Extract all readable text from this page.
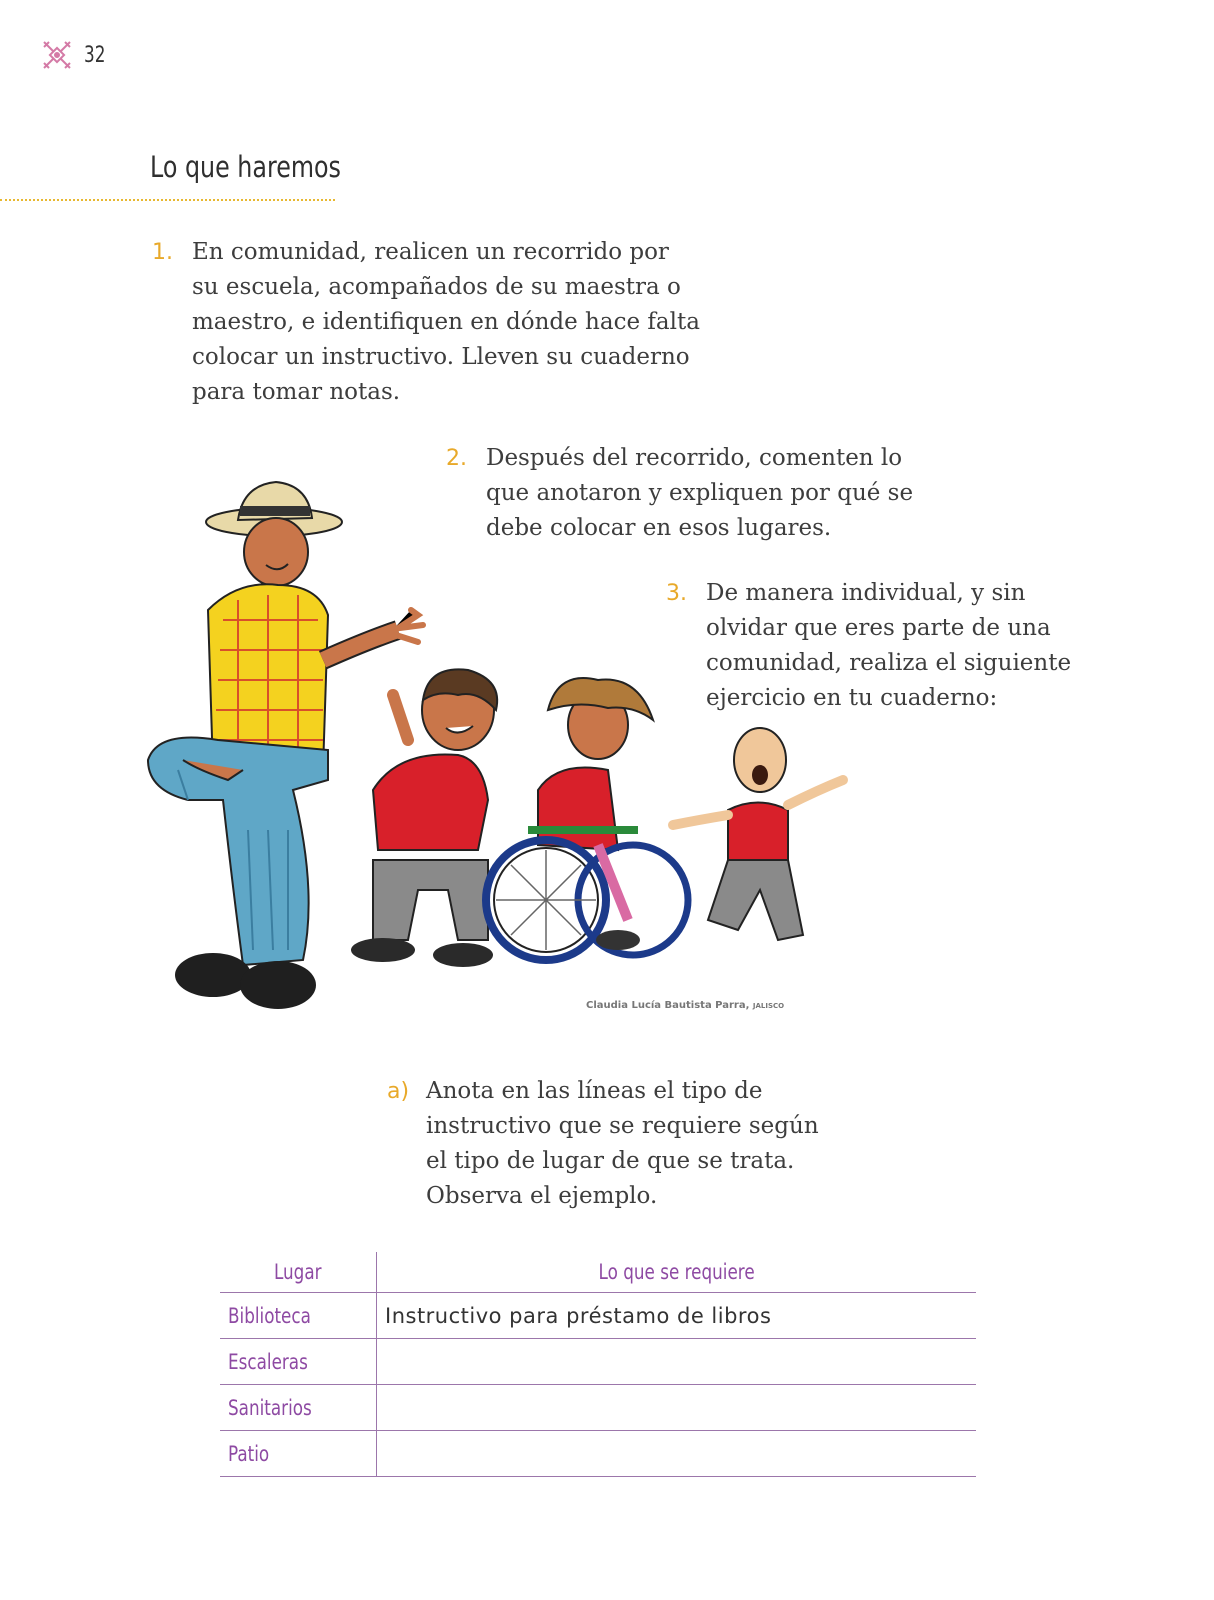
32
Lo que haremos
1. En comunidad, realicen un recorrido por
su escuela, acompañados de su maestra o
maestro, e identifiquen en dónde hace falta
colocar un instructivo. Lleven su cuaderno
para tomar notas.
2. Después del recorrido, comenten lo
que anotaron y expliquen por qué se
debe colocar en esos lugares.
3. De manera individual, y sin
olvidar que eres parte de una
comunidad, realiza el siguiente
ejercicio en tu cuaderno:
Claudia Lucía Bautista Parra, JALISCO
a) Anota en las líneas el tipo de
instructivo que se requiere según
el tipo de lugar de que se trata.
Observa el ejemplo.
Lugar	Lo que se requiere
Biblioteca	Instructivo para préstamo de libros
Escaleras	
Sanitarios	
Patio	
